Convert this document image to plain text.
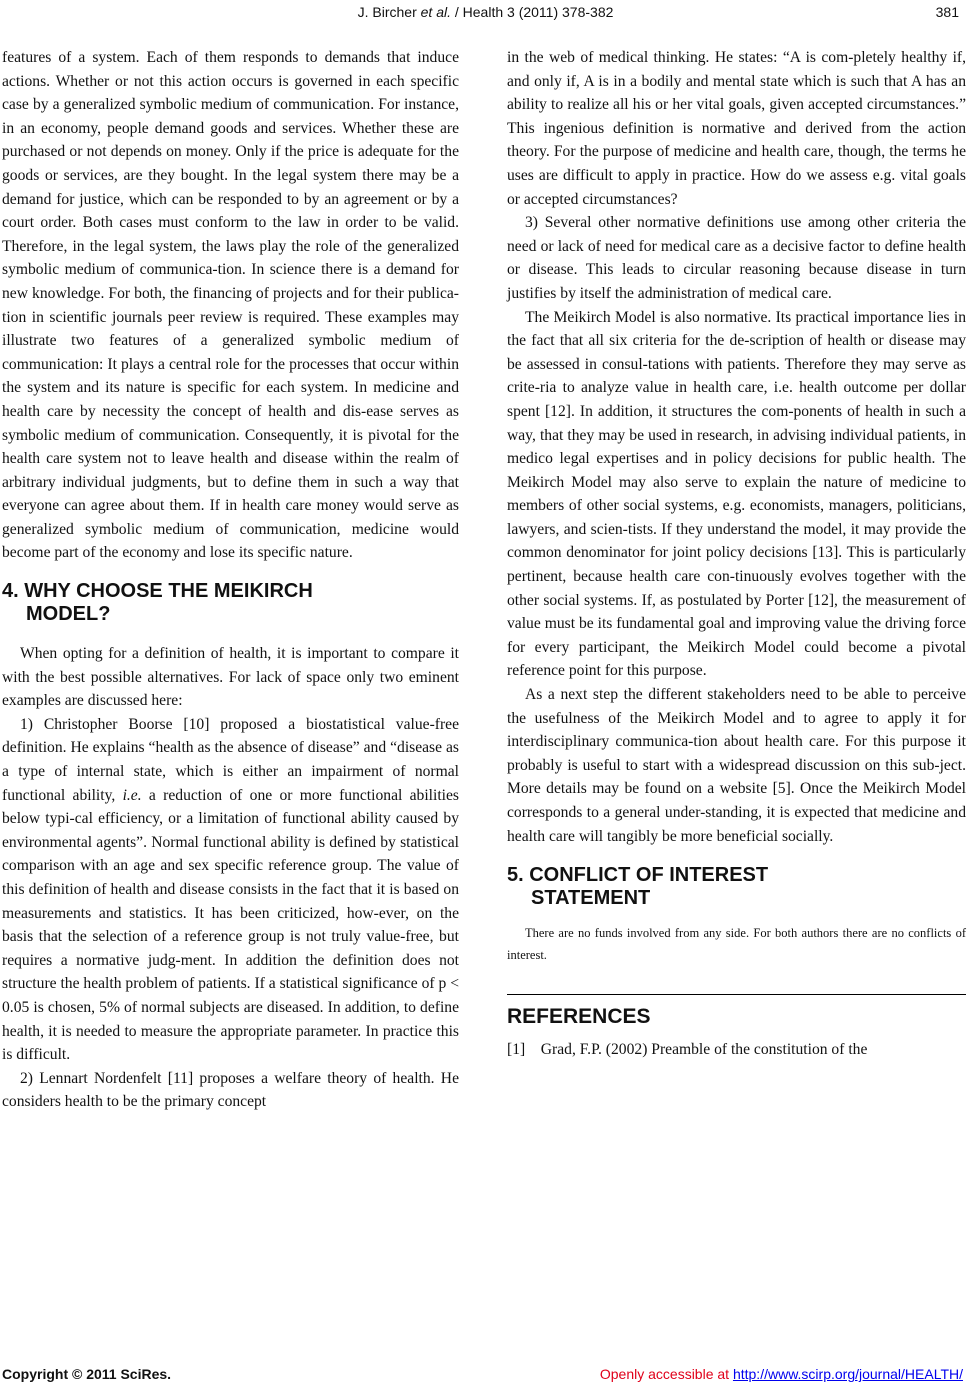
J. Bircher et al. / Health 3 (2011) 378-382	381

features of a system. Each of them responds to demands that induce actions. Whether or not this action occurs is governed in each specific case by a generalized symbolic medium of communication. For instance, in an economy, people demand goods and services. Whether these are purchased or not depends on money. Only if the price is adequate for the goods or services, are they bought. In the legal system there may be a demand for justice, which can be responded to by an agreement or by a court order. Both cases must conform to the law in order to be valid. Therefore, in the legal system, the laws play the role of the generalized symbolic medium of communica-tion. In science there is a demand for new knowledge. For both, the financing of projects and for their publica-tion in scientific journals peer review is required. These examples may illustrate two features of a generalized symbolic medium of communication: It plays a central role for the processes that occur within the system and its nature is specific for each system. In medicine and health care by necessity the concept of health and dis-ease serves as symbolic medium of communication. Consequently, it is pivotal for the health care system not to leave health and disease within the realm of arbitrary individual judgments, but to define them in such a way that everyone can agree about them. If in health care money would serve as generalized symbolic medium of communication, medicine would become part of the economy and lose its specific nature.

4. WHY CHOOSE THE MEIKIRCH
MODEL?

When opting for a definition of health, it is important to compare it with the best possible alternatives. For lack of space only two eminent examples are discussed here:

1) Christopher Boorse [10] proposed a biostatistical value-free definition. He explains “health as the absence of disease” and “disease as a type of internal state, which is either an impairment of normal functional ability, i.e. a reduction of one or more functional abilities below typi-cal efficiency, or a limitation of functional ability caused by environmental agents”. Normal functional ability is defined by statistical comparison with an age and sex specific reference group. The value of this definition of health and disease consists in the fact that it is based on measurements and statistics. It has been criticized, how-ever, on the basis that the selection of a reference group is not truly value-free, but requires a normative judg-ment. In addition the definition does not structure the health problem of patients. If a statistical significance of p < 0.05 is chosen, 5% of normal subjects are diseased. In addition, to define health, it is needed to measure the appropriate parameter. In practice this is difficult.

2) Lennart Nordenfelt [11] proposes a welfare theory of health. He considers health to be the primary concept

in the web of medical thinking. He states: “A is com-pletely healthy if, and only if, A is in a bodily and mental state which is such that A has an ability to realize all his or her vital goals, given accepted circumstances.” This ingenious definition is normative and derived from the action theory. For the purpose of medicine and health care, though, the terms he uses are difficult to apply in practice. How do we assess e.g. vital goals or accepted circumstances?

3) Several other normative definitions use among other criteria the need or lack of need for medical care as a decisive factor to define health or disease. This leads to circular reasoning because disease in turn justifies by itself the administration of medical care.

The Meikirch Model is also normative. Its practical importance lies in the fact that all six criteria for the de-scription of health or disease may be assessed in consul-tations with patients. Therefore they may serve as crite-ria to analyze value in health care, i.e. health outcome per dollar spent [12]. In addition, it structures the com-ponents of health in such a way, that they may be used in research, in advising individual patients, in medico legal expertises and in policy decisions for public health. The Meikirch Model may also serve to explain the nature of medicine to members of other social systems, e.g. economists, managers, politicians, lawyers, and scien-tists. If they understand the model, it may provide the common denominator for joint policy decisions [13]. This is particularly pertinent, because health care con-tinuously evolves together with the other social systems. If, as postulated by Porter [12], the measurement of value must be its fundamental goal and improving value the driving force for every participant, the Meikirch Model could become a pivotal reference point for this purpose.

As a next step the different stakeholders need to be able to perceive the usefulness of the Meikirch Model and to agree to apply it for interdisciplinary communica-tion about health care. For this purpose it probably is useful to start with a widespread discussion on this sub-ject. More details may be found on a website [5]. Once the Meikirch Model corresponds to a general under-standing, it is expected that medicine and health care will tangibly be more beneficial socially.

5. CONFLICT OF INTEREST
STATEMENT

There are no funds involved from any side. For both authors there are no conflicts of interest.

REFERENCES

[1]    Grad, F.P. (2002) Preamble of the constitution of the

Copyright © 2011 SciRes.	Openly accessible at http://www.scirp.org/journal/HEALTH/
